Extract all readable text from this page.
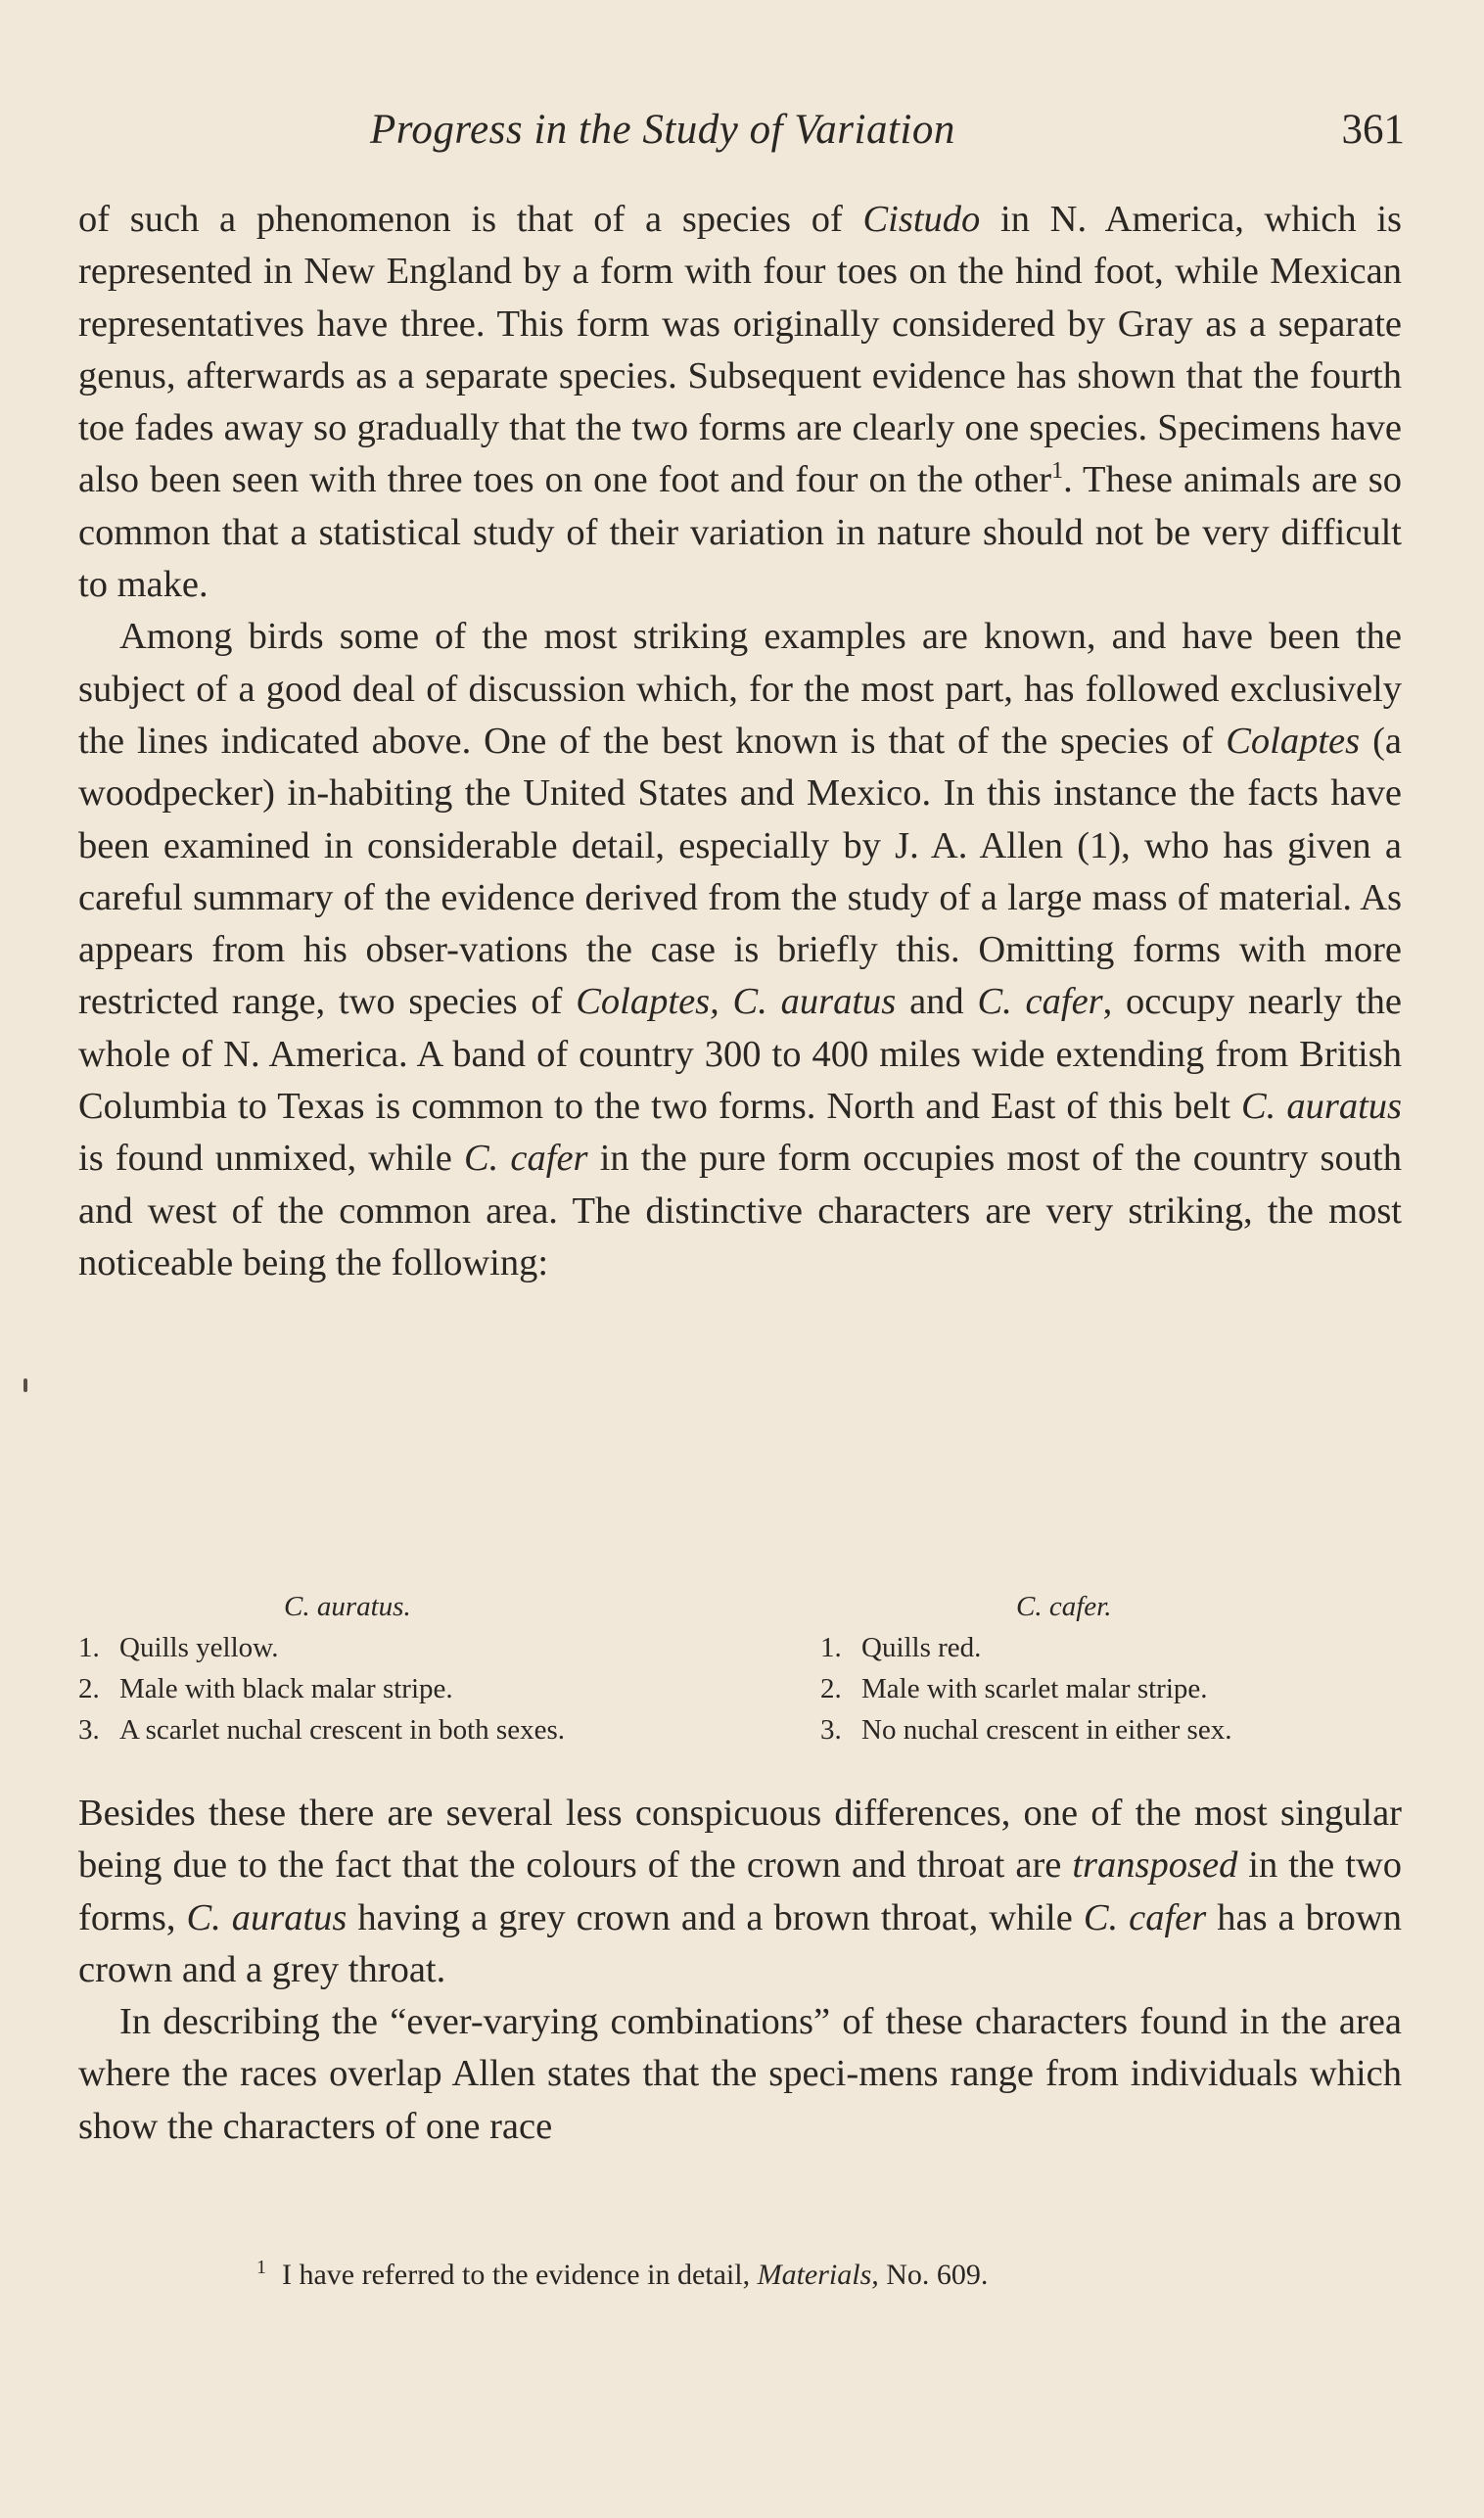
Progress in the Study of Variation	361

of such a phenomenon is that of a species of Cistudo in N. America, which is represented in New England by a form with four toes on the hind foot, while Mexican representatives have three. This form was originally considered by Gray as a separate genus, afterwards as a separate species. Subsequent evidence has shown that the fourth toe fades away so gradually that the two forms are clearly one species. Specimens have also been seen with three toes on one foot and four on the other$^1$. These animals are so common that a statistical study of their variation in nature should not be very difficult to make.

Among birds some of the most striking examples are known, and have been the subject of a good deal of discussion which, for the most part, has followed exclusively the lines indicated above. One of the best known is that of the species of Colaptes (a woodpecker) in-habiting the United States and Mexico. In this instance the facts have been examined in considerable detail, especially by J. A. Allen (1), who has given a careful summary of the evidence derived from the study of a large mass of material. As appears from his obser-vations the case is briefly this. Omitting forms with more restricted range, two species of Colaptes, C. auratus and C. cafer, occupy nearly the whole of N. America. A band of country 300 to 400 miles wide extending from British Columbia to Texas is common to the two forms. North and East of this belt C. auratus is found unmixed, while C. cafer in the pure form occupies most of the country south and west of the common area. The distinctive characters are very striking, the most noticeable being the following:

C. auratus.
1. Quills yellow.
2. Male with black malar stripe.
3. A scarlet nuchal crescent in both sexes.
C. cafer.
1. Quills red.
2. Male with scarlet malar stripe.
3. No nuchal crescent in either sex.

Besides these there are several less conspicuous differences, one of the most singular being due to the fact that the colours of the crown and throat are transposed in the two forms, C. auratus having a grey crown and a brown throat, while C. cafer has a brown crown and a grey throat.

In describing the “ever-varying combinations” of these characters found in the area where the races overlap Allen states that the speci-mens range from individuals which show the characters of one race

$^1$ I have referred to the evidence in detail, Materials, No. 609.
